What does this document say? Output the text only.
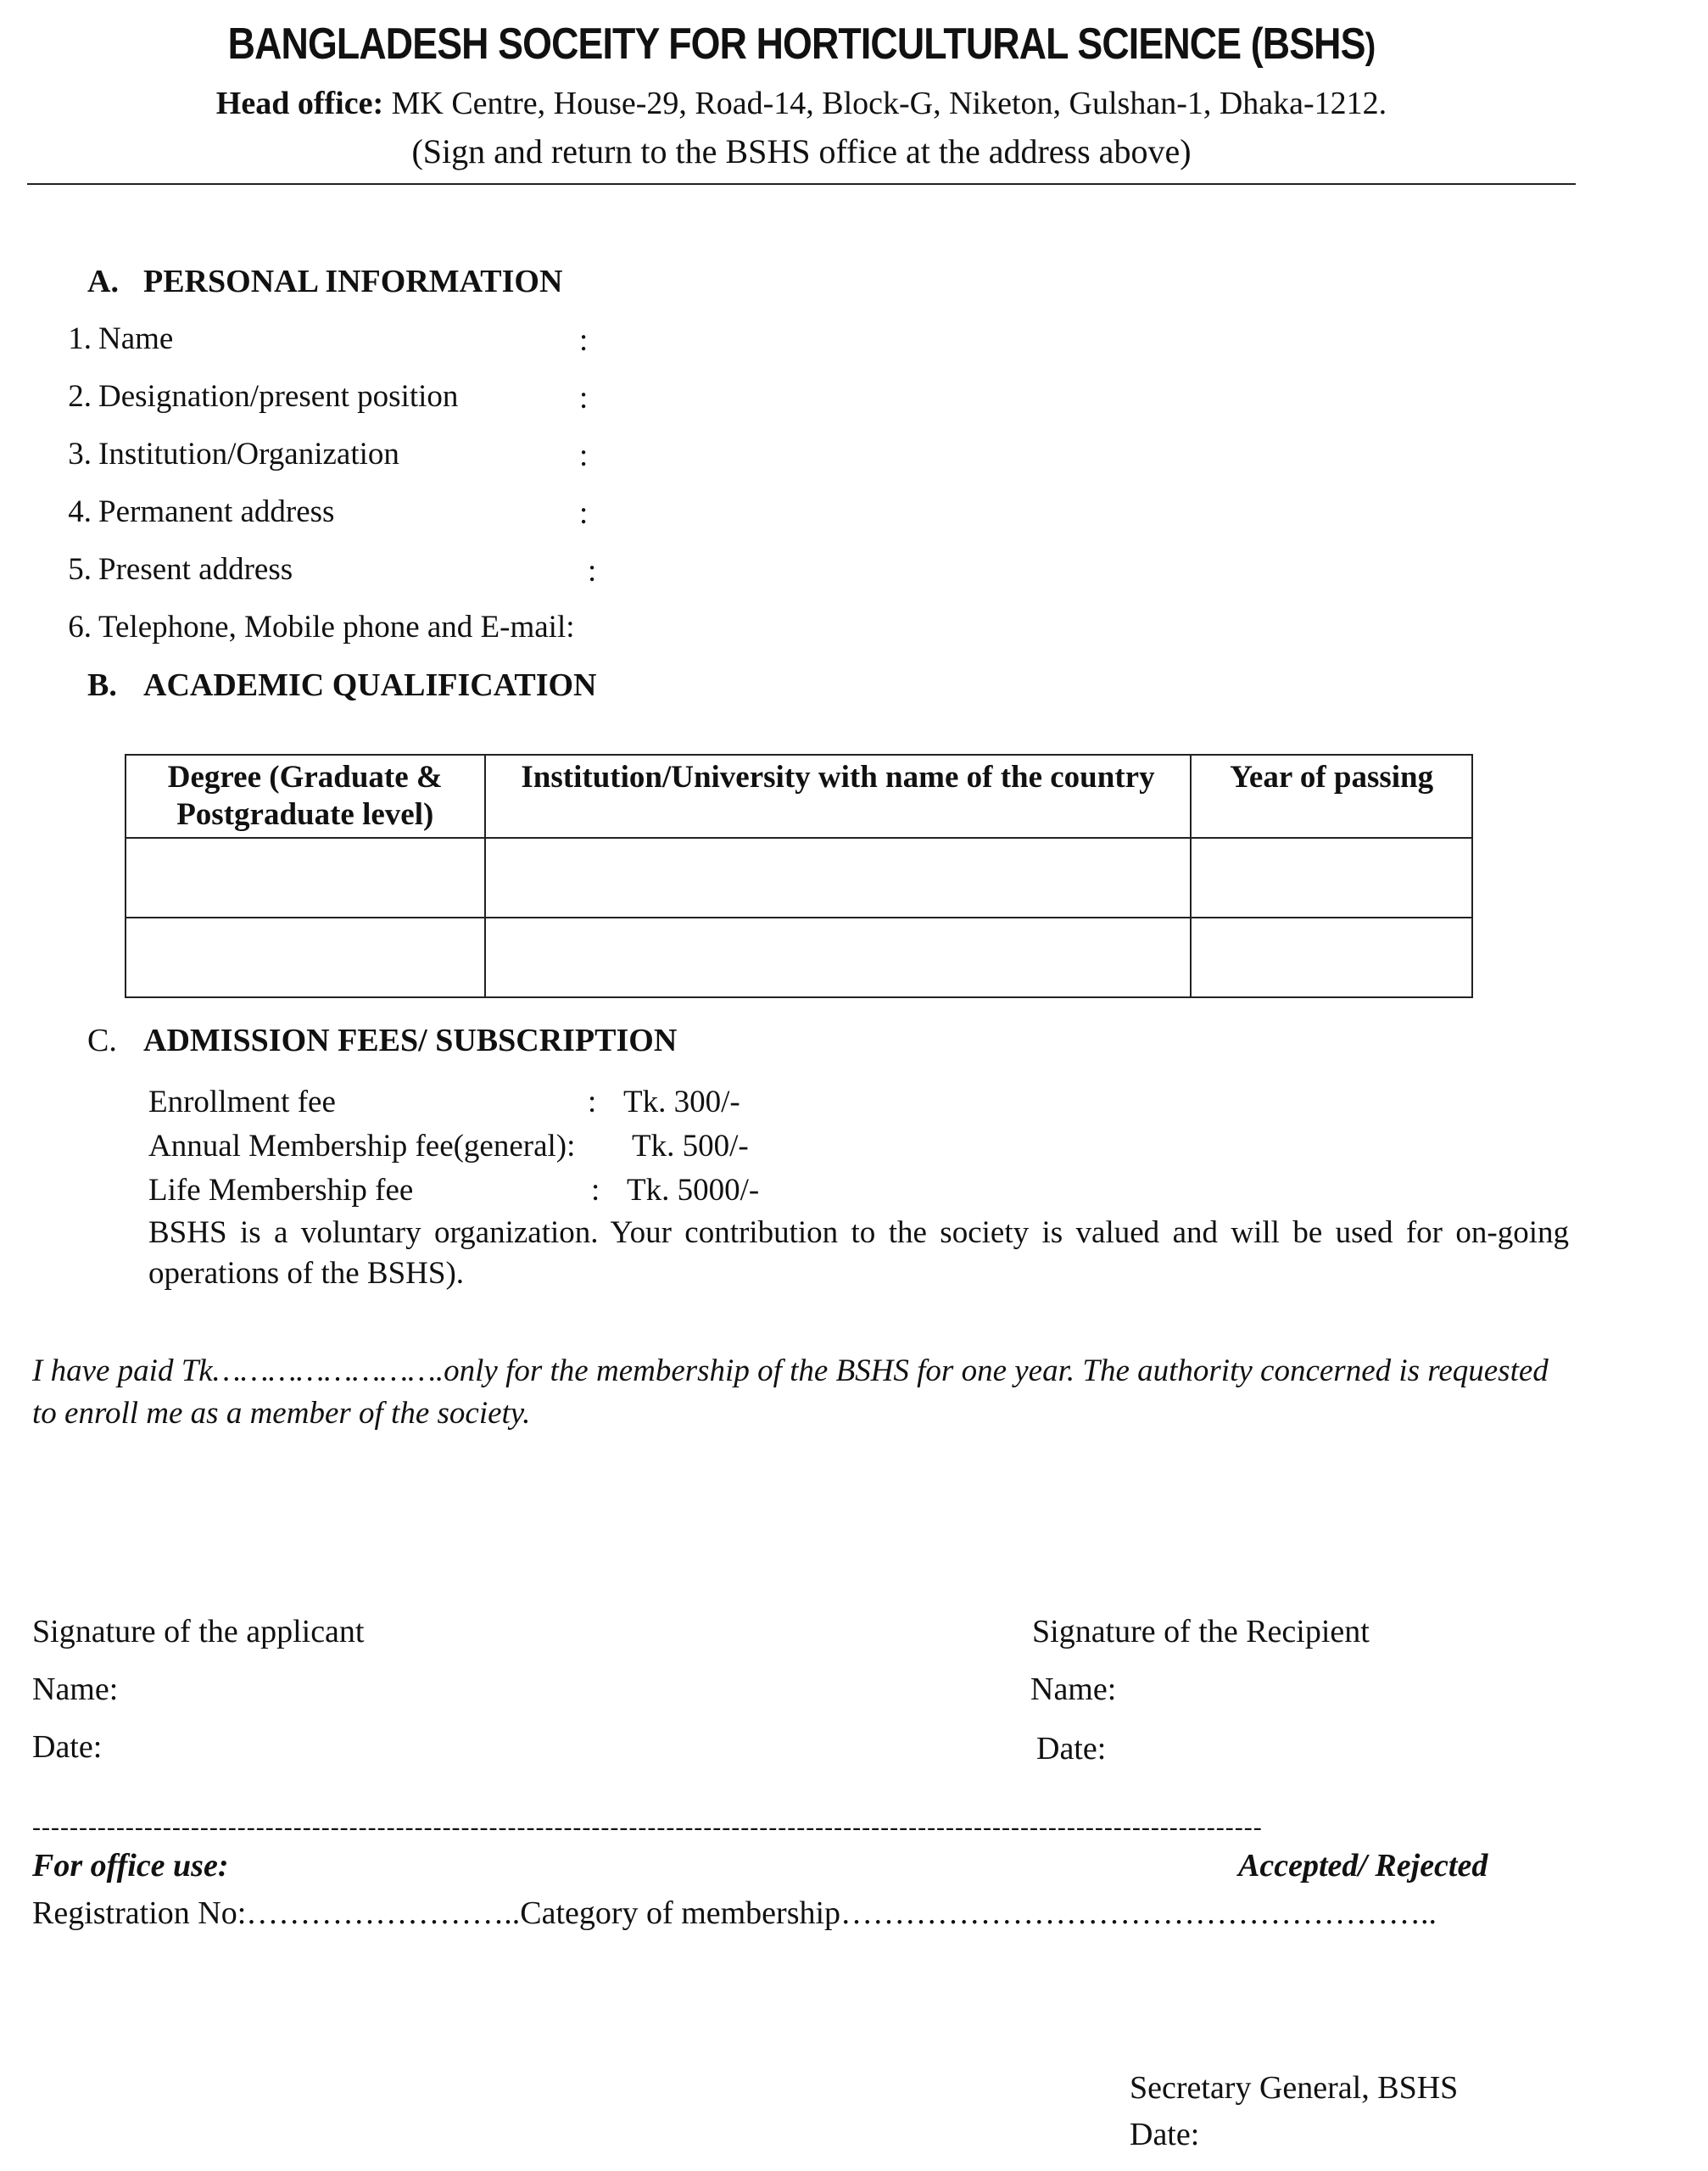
BANGLADESH SOCEITY FOR HORTICULTURAL SCIENCE (BSHS)
Head office: MK Centre, House-29, Road-14, Block-G, Niketon, Gulshan-1, Dhaka-1212.
(Sign and return to the BSHS office at the address above)
A. PERSONAL INFORMATION
1. Name	:
2. Designation/present position	:
3. Institution/Organization	:
4. Permanent address	:
5. Present address	:
6. Telephone, Mobile phone and E-mail:
B. ACADEMIC QUALIFICATION
Degree (Graduate & Postgraduate level)	Institution/University with name of the country	Year of passing

C. ADMISSION FEES/ SUBSCRIPTION
Enrollment fee	: Tk. 300/-
Annual Membership fee(general): Tk. 500/-
Life Membership fee	: Tk. 5000/-
BSHS is a voluntary organization. Your contribution to the society is valued and will be used for on-going operations of the BSHS).
I have paid Tk…………………….only for the membership of the BSHS for one year. The authority concerned is requested to enroll me as a member of the society.
Signature of the applicant
Name:
Date:
Signature of the Recipient
Name:
Date:
------------------------------------------------------------------------------------------------------------------------------------
For office use:	Accepted/ Rejected
Registration No:……………………..Category of membership………………………………………………..
Secretary General, BSHS
Date:
